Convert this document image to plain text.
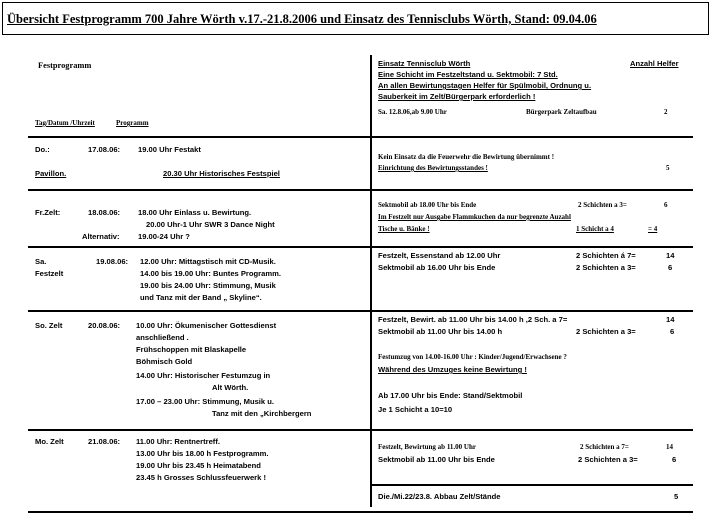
Übersicht Festprogramm 700 Jahre Wörth v.17.-21.8.2006 und Einsatz des Tennisclubs Wörth, Stand: 09.04.06
Festprogramm
Tag/Datum /Uhrzeit	Programm
Einsatz Tennisclub Wörth	Anzahl Helfer
Eine Schicht im Festzeltstand u. Sektmobil: 7 Std.
An allen Bewirtungstagen Helfer für Spülmobil, Ordnung u.
Sauberkeit im Zelt/Bürgerpark erforderlich !
Sa. 12.8.06,ab 9.00 Uhr	Bürgerpark Zeltaufbau	2
Do.:	17.08.06: 19.00 Uhr Festakt
Pavillon.	20.30 Uhr Historisches Festspiel
Kein Einsatz da die Feuerwehr die Bewirtung übernimmt !
Einrichtung des Bewirtungsstandes !	5
Fr.Zelt:	18.08.06: 18.00 Uhr Einlass u. Bewirtung.
20.00 Uhr-1 Uhr SWR 3 Dance Night
Alternativ: 19.00-24 Uhr ?
Sektmobil ab 18.00 Uhr bis Ende	2 Schichten a 3=	6
Im Festzelt nur Ausgabe Flammkuchen da nur begrenzte Auzahl
Tische u. Bänke !	1 Schicht a 4	= 4
Sa.
Festzelt
19.08.06: 12.00 Uhr: Mittagstisch mit CD-Musik.
14.00 bis 19.00 Uhr: Buntes Programm.
19.00 bis 24.00 Uhr: Stimmung, Musik
und Tanz mit der Band „ Skyline“.
Festzelt, Essenstand ab 12.00 Uhr	2 Schichten á 7=	14
Sektmobil ab 16.00 Uhr bis Ende	2 Schichten a 3=	6
So. Zelt	20.08.06: 10.00 Uhr: Ökumenischer Gottesdienst
anschließend .
Frühschoppen mit Blaskapelle
Böhmisch Gold
14.00 Uhr: Historischer Festumzug in
Alt Wörth.
17.00 – 23.00 Uhr: Stimmung, Musik u.
Tanz mit den „Kirchbergern
Festzelt, Bewirt. ab 11.00 Uhr bis 14.00 h ,2 Sch. a 7=	14
Sektmobil ab 11.00 Uhr bis 14.00 h	2 Schichten a 3=	6
Festumzug von 14.00-16.00 Uhr : Kinder/Jugend/Erwachsene ?
Während des Umzuges keine Bewirtung !
Ab 17.00 Uhr bis Ende: Stand/Sektmobil
Je 1 Schicht a 10=10
Mo. Zelt	21.08.06: 11.00 Uhr: Rentnertreff.
13.00 Uhr bis 18.00 h Festprogramm.
19.00 Uhr bis 23.45 h Heimatabend
23.45 h Grosses Schlussfeuerwerk !
Festzelt, Bewirtung ab 11.00 Uhr	2 Schichten a 7=	14
Sektmobil ab 11.00 Uhr bis Ende	2 Schichten a 3=	6
Die./Mi.22/23.8. Abbau Zelt/Stände	5
